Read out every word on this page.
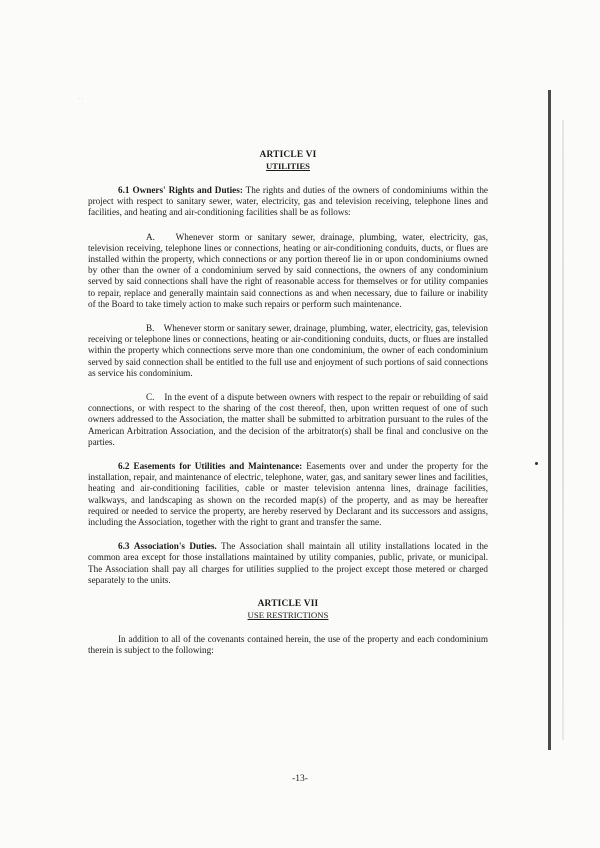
· ·
ARTICLE VI
UTILITIES

6.1 Owners' Rights and Duties: The rights and duties of the owners of condominiums within the project with respect to sanitary sewer, water, electricity, gas and television receiving, telephone lines and facilities, and heating and air-conditioning facilities shall be as follows:

A. Whenever storm or sanitary sewer, drainage, plumbing, water, electricity, gas, television receiving, telephone lines or connections, heating or air-conditioning conduits, ducts, or flues are installed within the property, which connections or any portion thereof lie in or upon condominiums owned by other than the owner of a condominium served by said connections, the owners of any condominium served by said connections shall have the right of reasonable access for themselves or for utility companies to repair, replace and generally maintain said connections as and when necessary, due to failure or inability of the Board to take timely action to make such repairs or perform such maintenance.

B. Whenever storm or sanitary sewer, drainage, plumbing, water, electricity, gas, television receiving or telephone lines or connections, heating or air-conditioning conduits, ducts, or flues are installed within the property which connections serve more than one condominium, the owner of each condominium served by said connection shall be entitled to the full use and enjoyment of such portions of said connections as service his condominium.

C. In the event of a dispute between owners with respect to the repair or rebuilding of said connections, or with respect to the sharing of the cost thereof, then, upon written request of one of such owners addressed to the Association, the matter shall be submitted to arbitration pursuant to the rules of the American Arbitration Association, and the decision of the arbitrator(s) shall be final and conclusive on the parties.

6.2 Easements for Utilities and Maintenance: Easements over and under the property for the installation, repair, and maintenance of electric, telephone, water, gas, and sanitary sewer lines and facilities, heating and air-conditioning facilities, cable or master television antenna lines, drainage facilities, walkways, and landscaping as shown on the recorded map(s) of the property, and as may be hereafter required or needed to service the property, are hereby reserved by Declarant and its successors and assigns, including the Association, together with the right to grant and transfer the same.

6.3 Association's Duties. The Association shall maintain all utility installations located in the common area except for those installations maintained by utility companies, public, private, or municipal. The Association shall pay all charges for utilities supplied to the project except those metered or charged separately to the units.

ARTICLE VII
USE RESTRICTIONS

In addition to all of the covenants contained herein, the use of the property and each condominium therein is subject to the following:

-13-
